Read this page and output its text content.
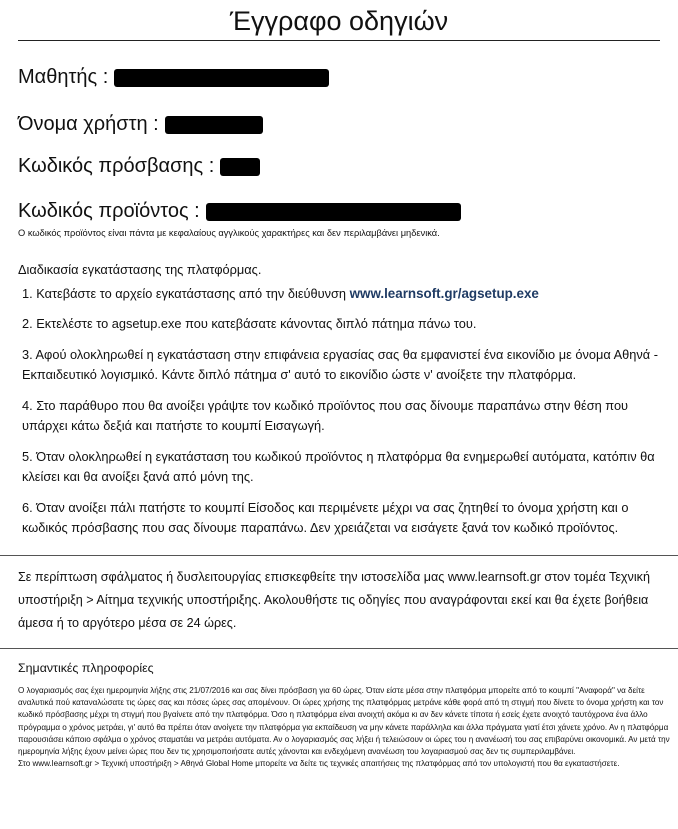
Έγγραφο οδηγιών
Μαθητής :
Όνομα χρήστη :
Κωδικός πρόσβασης :
Κωδικός προϊόντος :
Ο κωδικός προϊόντος είναι πάντα με κεφαλαίους αγγλικούς χαρακτήρες και δεν περιλαμβάνει μηδενικά.
Διαδικασία εγκατάστασης της πλατφόρμας.
1. Κατεβάστε το αρχείο εγκατάστασης από την διεύθυνση www.learnsoft.gr/agsetup.exe
2. Εκτελέστε το agsetup.exe που κατεβάσατε κάνοντας διπλό πάτημα πάνω του.
3. Αφού ολοκληρωθεί η εγκατάσταση στην επιφάνεια εργασίας σας θα εμφανιστεί ένα εικονίδιο με όνομα Αθηνά - Εκπαιδευτικό λογισμικό. Κάντε διπλό πάτημα σ' αυτό το εικονίδιο ώστε ν' ανοίξετε την πλατφόρμα.
4. Στο παράθυρο που θα ανοίξει γράψτε τον κωδικό προϊόντος που σας δίνουμε παραπάνω στην θέση που υπάρχει κάτω δεξιά και πατήστε το κουμπί Εισαγωγή.
5. Όταν ολοκληρωθεί η εγκατάσταση του κωδικού προϊόντος η πλατφόρμα θα ενημερωθεί αυτόματα, κατόπιν θα κλείσει και θα ανοίξει ξανά από μόνη της.
6. Όταν ανοίξει πάλι πατήστε το κουμπί Είσοδος και περιμένετε μέχρι να σας ζητηθεί το όνομα χρήστη και ο κωδικός πρόσβασης που σας δίνουμε παραπάνω. Δεν χρειάζεται να εισάγετε ξανά τον κωδικό προϊόντος.
Σε περίπτωση σφάλματος ή δυσλειτουργίας επισκεφθείτε την ιστοσελίδα μας www.learnsoft.gr στον τομέα Τεχνική υποστήριξη > Αίτημα τεχνικής υποστήριξης. Ακολουθήστε τις οδηγίες που αναγράφονται εκεί και θα έχετε βοήθεια άμεσα ή το αργότερο μέσα σε 24 ώρες.
Σημαντικές πληροφορίες
Ο λογαριασμός σας έχει ημερομηνία λήξης στις 21/07/2016 και σας δίνει πρόσβαση για 60 ώρες. Όταν είστε μέσα στην πλατφόρμα μπορείτε από το κουμπί "Αναφορά" να δείτε αναλυτικά πού καταναλώσατε τις ώρες σας και πόσες ώρες σας απομένουν. Οι ώρες χρήσης της πλατφόρμας μετράνε κάθε φορά από τη στιγμή που δίνετε το όνομα χρήστη και τον κωδικό πρόσβασης μέχρι τη στιγμή που βγαίνετε από την πλατφόρμα. Όσο η πλατφόρμα είναι ανοιχτή ακόμα κι αν δεν κάνετε τίποτα ή εσείς έχετε ανοιχτό ταυτόχρονα ένα άλλο πρόγραμμα ο χρόνος μετράει, γι' αυτό θα πρέπει όταν ανοίγετε την πλατφόρμα για εκπαίδευση να μην κάνετε παράλληλα και άλλα πράγματα γιατί έτσι χάνετε χρόνο. Αν η πλατφόρμα παρουσιάσει κάποιο σφάλμα ο χρόνος σταματάει να μετράει αυτόματα. Αν ο λογαριασμός σας λήξει ή τελειώσουν οι ώρες του η ανανέωσή του σας επιβαρύνει οικονομικά. Αν μετά την ημερομηνία λήξης έχουν μείνει ώρες που δεν τις χρησιμοποιήσατε αυτές χάνονται και ενδεχόμενη ανανέωση του λογαριασμού σας δεν τις συμπεριλαμβάνει.
Στο www.learnsoft.gr > Τεχνική υποστήριξη > Αθηνά Global Home μπορείτε να δείτε τις τεχνικές απαιτήσεις της πλατφόρμας από τον υπολογιστή που θα εγκαταστήσετε.
